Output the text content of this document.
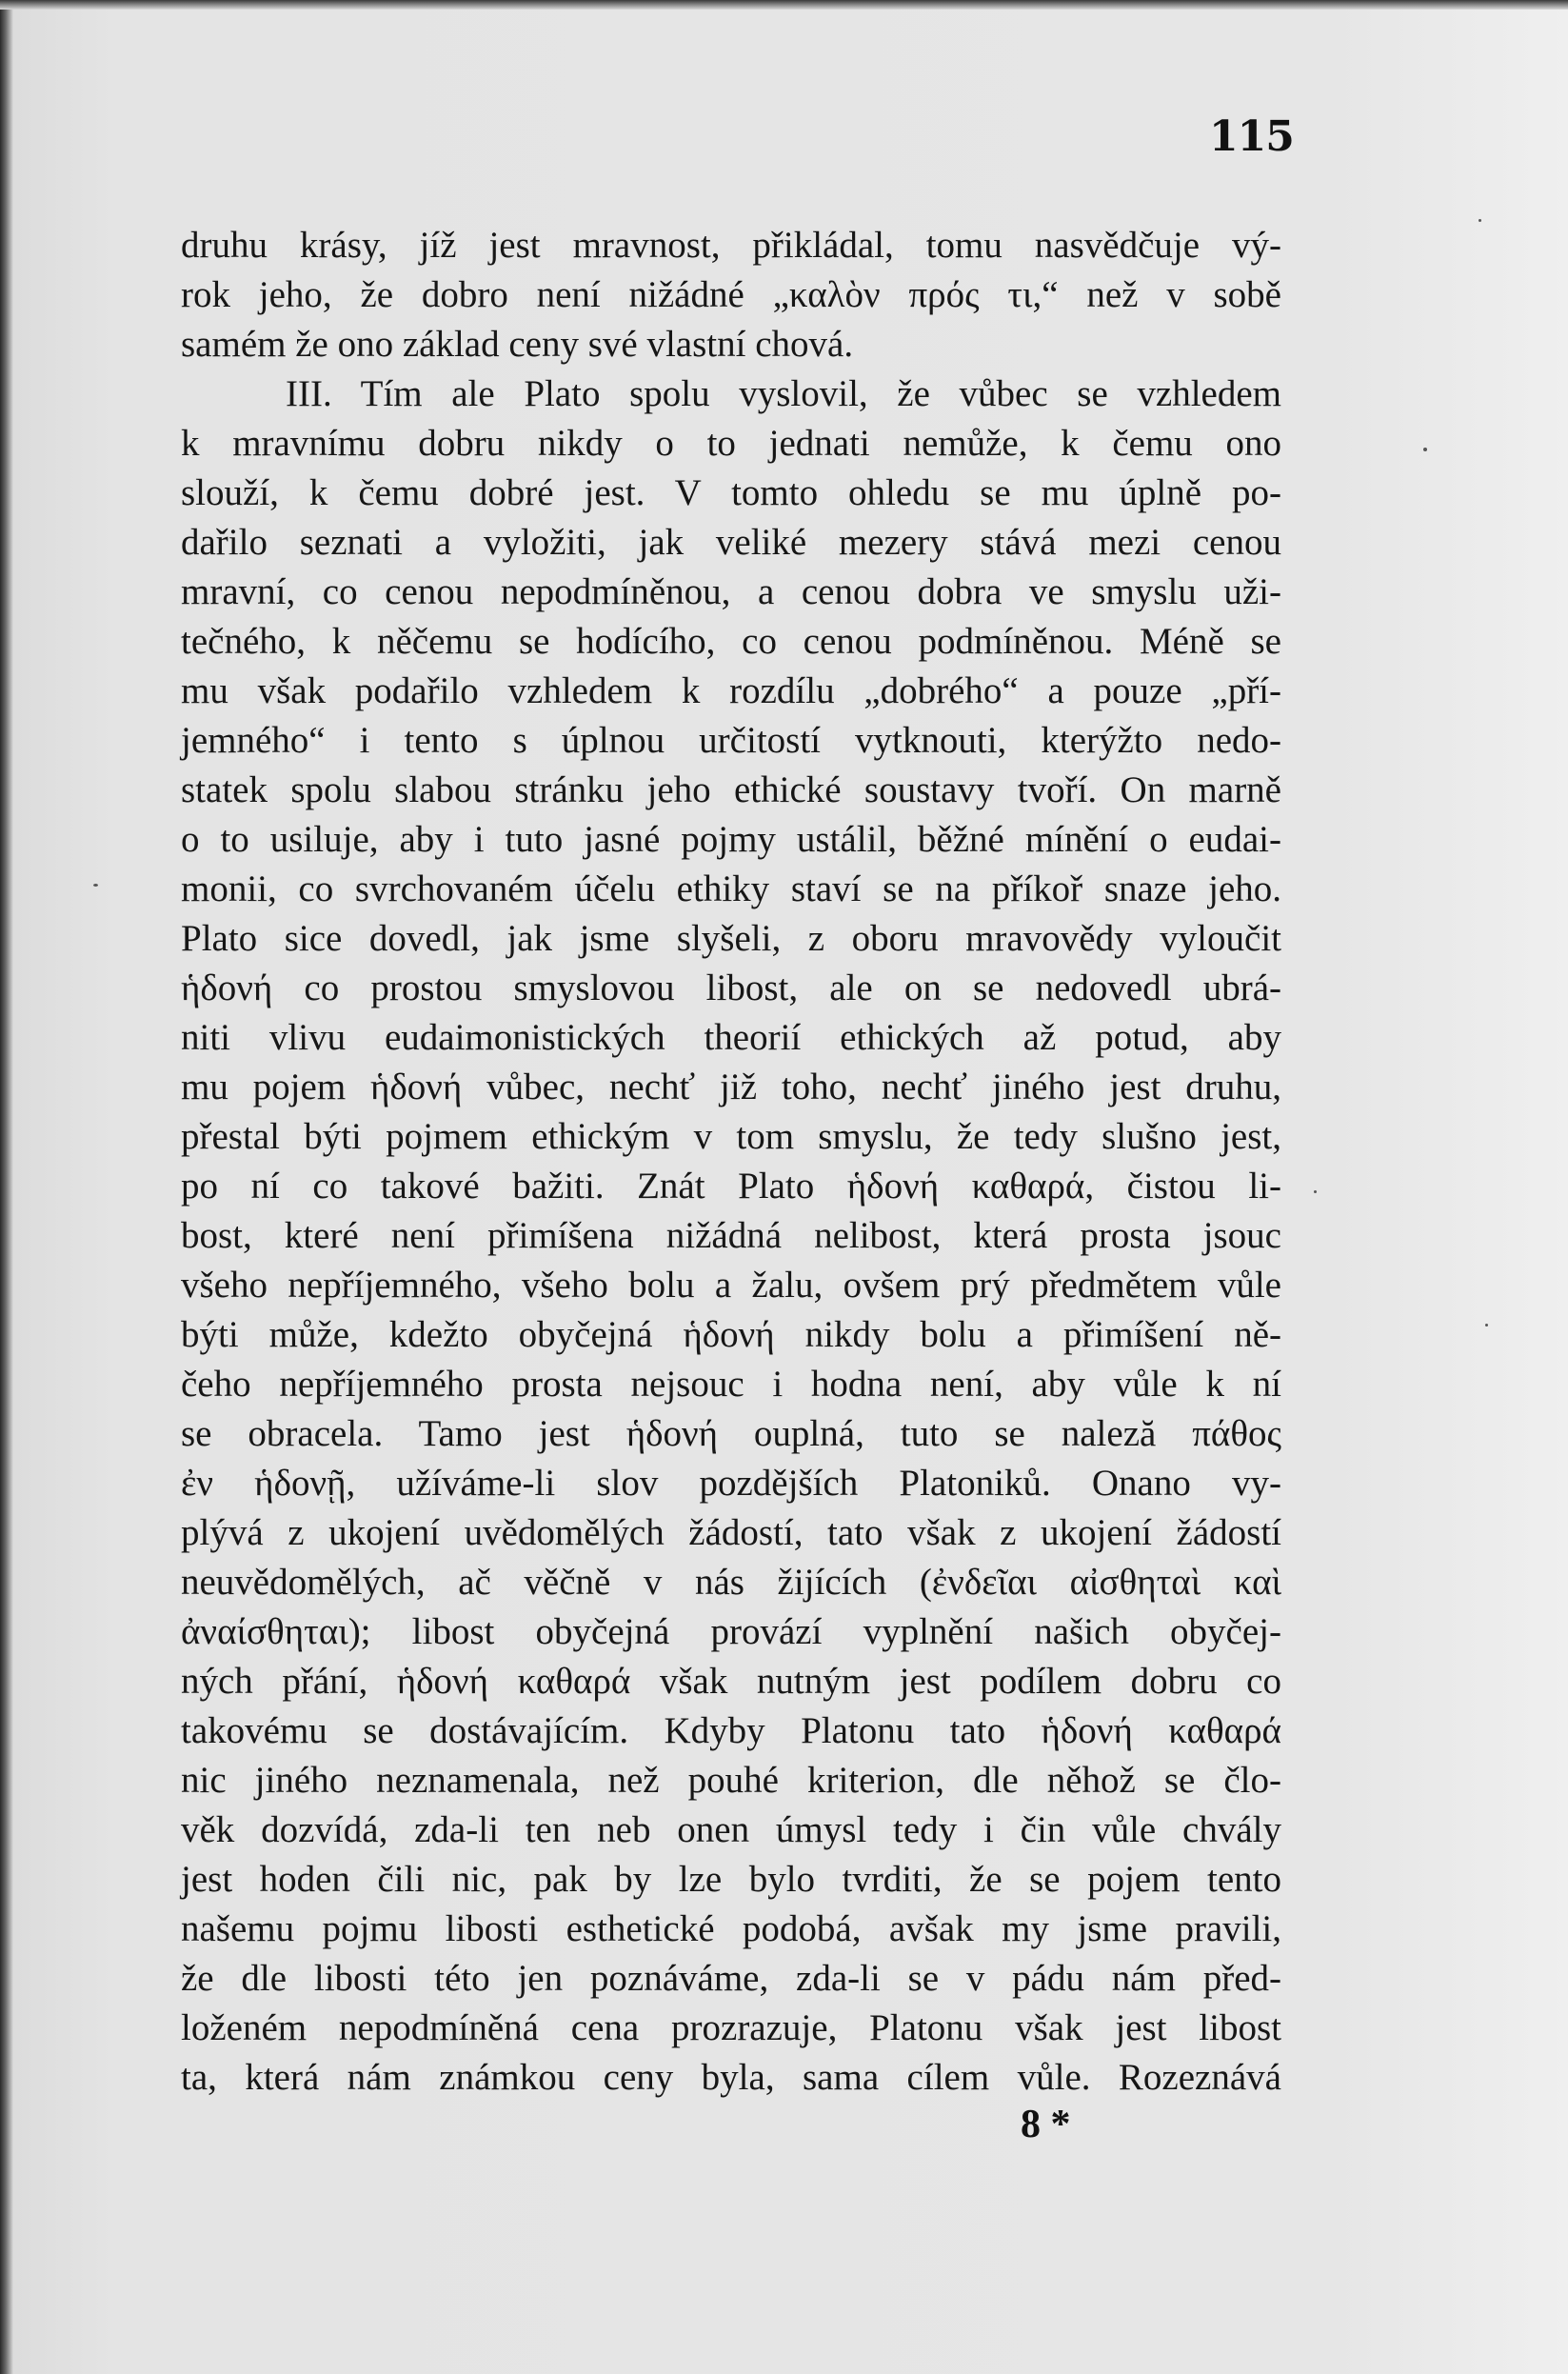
115
druhu krásy, jíž jest mravnost, přikládal, tomu nasvědčuje vý-
rok jeho, že dobro není nižádné „καλὸν πρός τι,“ než v sobě
samém že ono základ ceny své vlastní chová.
III. Tím ale Plato spolu vyslovil, že vůbec se vzhledem
k mravnímu dobru nikdy o to jednati nemůže, k čemu ono
slouží, k čemu dobré jest. V tomto ohledu se mu úplně po-
dařilo seznati a vyložiti, jak veliké mezery stává mezi cenou
mravní, co cenou nepodmíněnou, a cenou dobra ve smyslu uži-
tečného, k něčemu se hodícího, co cenou podmíněnou. Méně se
mu však podařilo vzhledem k rozdílu „dobrého“ a pouze „pří-
jemného“ i tento s úplnou určitostí vytknouti, kterýžto nedo-
statek spolu slabou stránku jeho ethické soustavy tvoří. On marně
o to usiluje, aby i tuto jasné pojmy ustálil, běžné mínění o eudai-
monii, co svrchovaném účelu ethiky staví se na příkoř snaze jeho.
Plato sice dovedl, jak jsme slyšeli, z oboru mravovědy vyloučit
ἡδονή co prostou smyslovou libost, ale on se nedovedl ubrá-
niti vlivu eudaimonistických theorií ethických až potud, aby
mu pojem ἡδονή vůbec, nechť již toho, nechť jiného jest druhu,
přestal býti pojmem ethickým v tom smyslu, že tedy slušno jest,
po ní co takové bažiti. Znát Plato ἡδονή καθαρά, čistou li-
bost, které není přimíšena nižádná nelibost, která prosta jsouc
všeho nepříjemného, všeho bolu a žalu, ovšem prý předmětem vůle
býti může, kdežto obyčejná ἡδονή nikdy bolu a přimíšení ně-
čeho nepříjemného prosta nejsouc i hodna není, aby vůle k ní
se obracela. Tamo jest ἡδονή ouplná, tuto se naleză πάθος
ἐν ἡδονῇ, užíváme-li slov pozdějších Platoniků. Onano vy-
plývá z ukojení uvědomělých žádostí, tato však z ukojení žádostí
neuvědomělých, ač věčně v nás žijících (ἐνδεῖαι αἰσθηταὶ καὶ
ἀναίσθηται); libost obyčejná provází vyplnění našich obyčej-
ných přání, ἡδονή καθαρά však nutným jest podílem dobru co
takovému se dostávajícím. Kdyby Platonu tato ἡδονή καθαρά
nic jiného neznamenala, než pouhé kriterion, dle něhož se člo-
věk dozvídá, zda-li ten neb onen úmysl tedy i čin vůle chvály
jest hoden čili nic, pak by lze bylo tvrditi, že se pojem tento
našemu pojmu libosti esthetické podobá, avšak my jsme pravili,
že dle libosti této jen poznáváme, zda-li se v pádu nám před-
loženém nepodmíněná cena prozrazuje, Platonu však jest libost
ta, která nám známkou ceny byla, sama cílem vůle. Rozeznává
8 *
